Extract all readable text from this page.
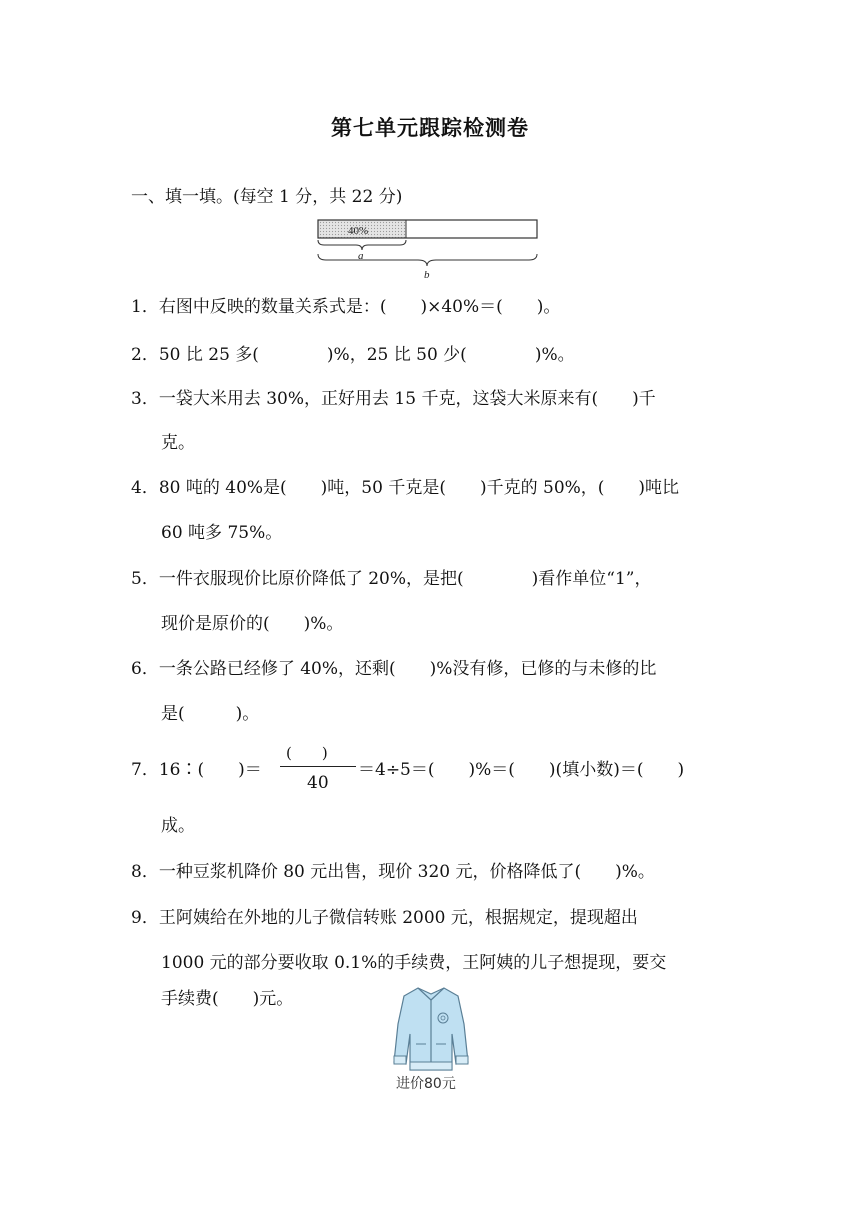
第七单元跟踪检测卷
一、填一填。(每空 1 分，共 22 分)
40%
a
b
1．右图中反映的数量关系式是：(　　)×40%＝(　　)。
2．50 比 25 多(　　　　)%，25 比 50 少(　　　　)%。
3．一袋大米用去 30%，正好用去 15 千克，这袋大米原来有(　　)千
克。
4．80 吨的 40%是(　　)吨，50 千克是(　　)千克的 50%，(　　)吨比
60 吨多 75%。
5．一件衣服现价比原价降低了 20%，是把(　　　　)看作单位“1”，
现价是原价的(　　)%。
6．一条公路已经修了 40%，还剩(　　)%没有修，已修的与未修的比
是(　　　)。
7．16∶(　　)＝
(　　)
40
＝4÷5＝(　　)%＝(　　)(填小数)＝(　　)
成。
8．一种豆浆机降价 80 元出售，现价 320 元，价格降低了(　　)%。
9．王阿姨给在外地的儿子微信转账 2000 元，根据规定，提现超出
1000 元的部分要收取 0.1%的手续费，王阿姨的儿子想提现，要交
手续费(　　)元。
进价80元
